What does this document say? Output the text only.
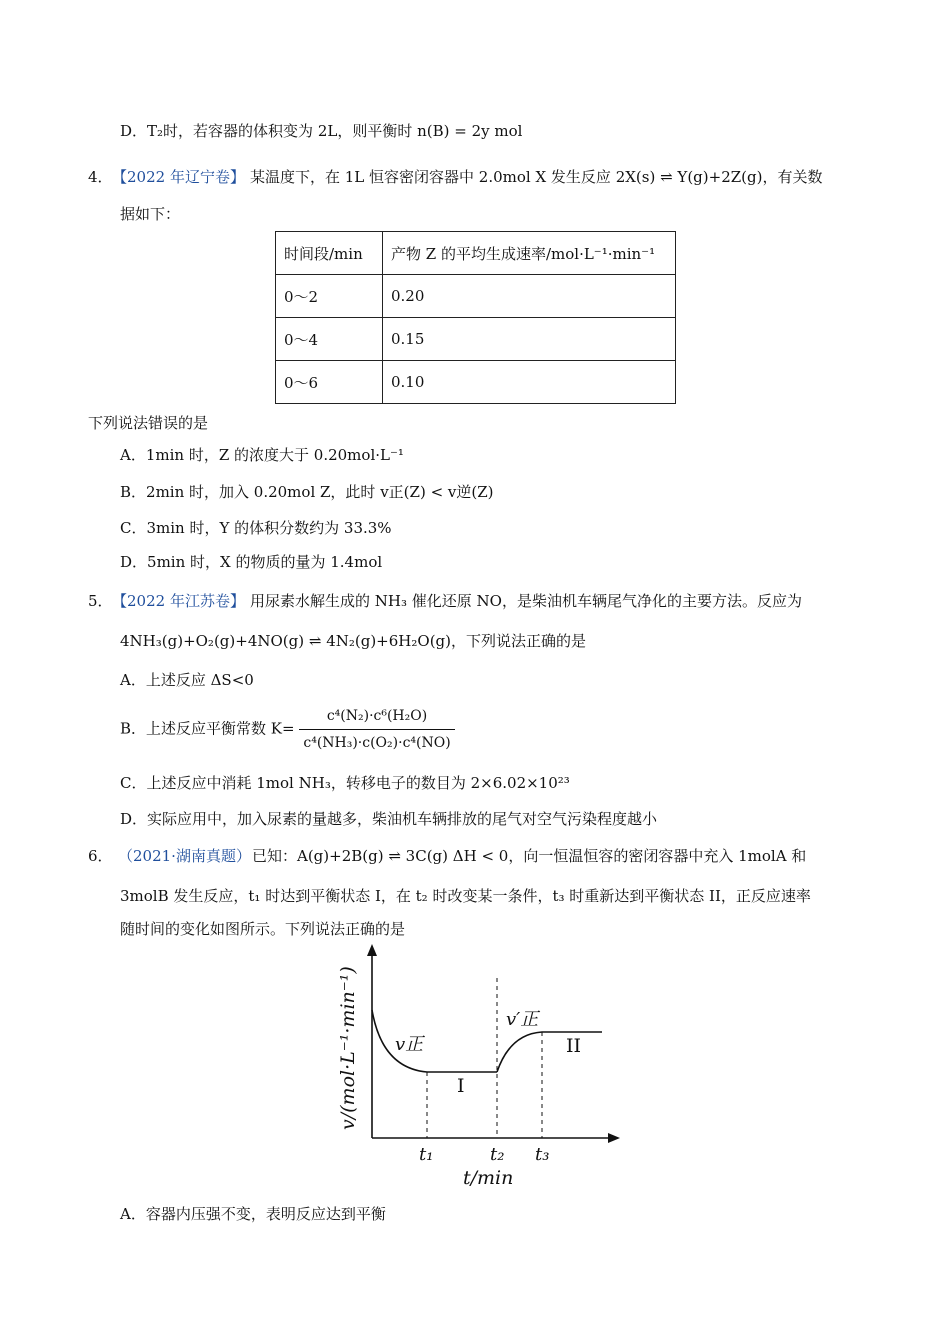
D．T₂时，若容器的体积变为 2L，则平衡时 n(B) = 2y mol
4． 【2022 年辽宁卷】 某温度下，在 1L 恒容密闭容器中 2.0mol X 发生反应 2X(s) ⇌ Y(g)+2Z(g)，有关数
据如下：
时间段/min	产物 Z 的平均生成速率/mol·L⁻¹·min⁻¹
0～2	0.20
0～4	0.15
0～6	0.10
下列说法错误的是
A．1min 时，Z 的浓度大于 0.20mol·L⁻¹
B．2min 时，加入 0.20mol Z，此时 v正(Z) < v逆(Z)
C．3min 时，Y 的体积分数约为 33.3%
D．5min 时，X 的物质的量为 1.4mol
5． 【2022 年江苏卷】 用尿素水解生成的 NH₃ 催化还原 NO，是柴油机车辆尾气净化的主要方法。反应为
4NH₃(g)+O₂(g)+4NO(g) ⇌ 4N₂(g)+6H₂O(g)，下列说法正确的是
A．上述反应 ΔS<0
B．上述反应平衡常数 $K= \frac{\text{c⁴(N₂)·c⁶(H₂O)}}{\text{c⁴(NH₃)·c(O₂)·c⁴(NO)}}$
C．上述反应中消耗 1mol NH₃，转移电子的数目为 2×6.02×10²³
D．实际应用中，加入尿素的量越多，柴油机车辆排放的尾气对空气污染程度越小
6． （2021·湖南真题） 已知：A(g)+2B(g) ⇌ 3C(g) ΔH < 0，向一恒温恒容的密闭容器中充入 1molA 和
3molB 发生反应，t₁ 时达到平衡状态 I，在 t₂ 时改变某一条件，t₃ 时重新达到平衡状态 II，正反应速率
随时间的变化如图所示。下列说法正确的是
v/(mol·L⁻¹·min⁻¹)
t/min
t₁	t₂ t₃
v正
v′正
I
II
A．容器内压强不变，表明反应达到平衡
